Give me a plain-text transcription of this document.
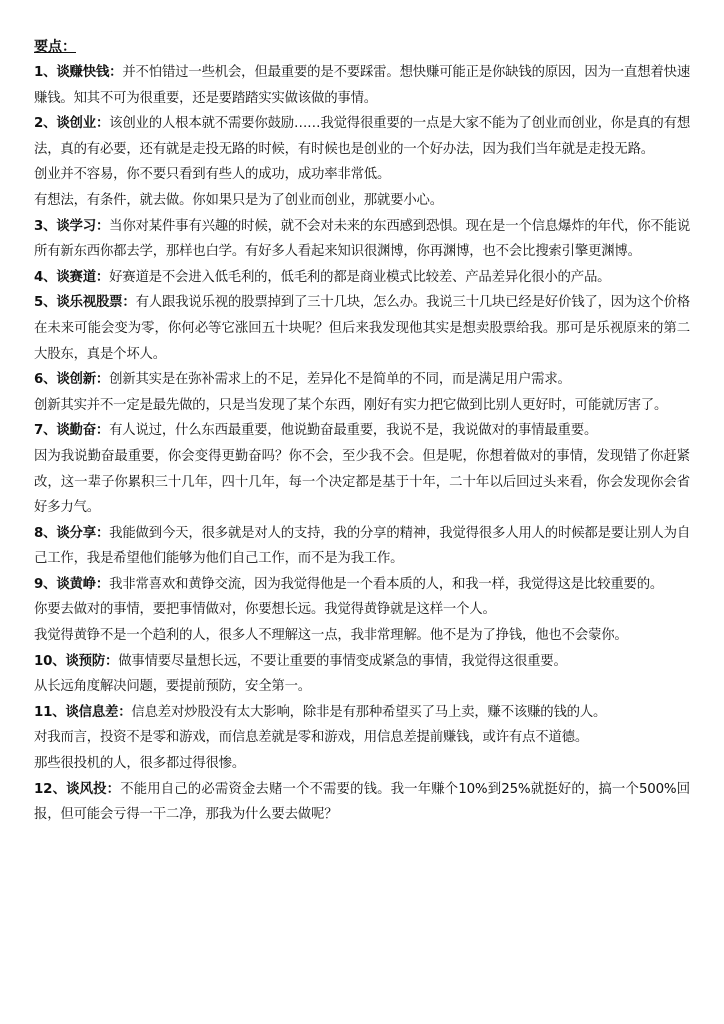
要点：

1、谈赚快钱：并不怕错过一些机会，但最重要的是不要踩雷。想快赚可能正是你缺钱的原因，因为一直想着快速赚钱。知其不可为很重要，还是要踏踏实实做该做的事情。

2、谈创业：该创业的人根本就不需要你鼓励……我觉得很重要的一点是大家不能为了创业而创业，你是真的有想法，真的有必要，还有就是走投无路的时候，有时候也是创业的一个好办法，因为我们当年就是走投无路。

创业并不容易，你不要只看到有些人的成功，成功率非常低。

有想法，有条件，就去做。你如果只是为了创业而创业，那就要小心。

3、谈学习：当你对某件事有兴趣的时候，就不会对未来的东西感到恐惧。现在是一个信息爆炸的年代，你不能说所有新东西你都去学，那样也白学。有好多人看起来知识很渊博，你再渊博，也不会比搜索引擎更渊博。

4、谈赛道：好赛道是不会进入低毛利的，低毛利的都是商业模式比较差、产品差异化很小的产品。

5、谈乐视股票：有人跟我说乐视的股票掉到了三十几块，怎么办。我说三十几块已经是好价钱了，因为这个价格在未来可能会变为零，你何必等它涨回五十块呢？但后来我发现他其实是想卖股票给我。那可是乐视原来的第二大股东，真是个坏人。

6、谈创新：创新其实是在弥补需求上的不足，差异化不是简单的不同，而是满足用户需求。

创新其实并不一定是最先做的，只是当发现了某个东西，刚好有实力把它做到比别人更好时，可能就厉害了。

7、谈勤奋：有人说过，什么东西最重要，他说勤奋最重要，我说不是，我说做对的事情最重要。

因为我说勤奋最重要，你会变得更勤奋吗？你不会，至少我不会。但是呢，你想着做对的事情，发现错了你赶紧改，这一辈子你累积三十几年，四十几年，每一个决定都是基于十年，二十年以后回过头来看，你会发现你会省好多力气。

8、谈分享：我能做到今天，很多就是对人的支持，我的分享的精神，我觉得很多人用人的时候都是要让别人为自己工作，我是希望他们能够为他们自己工作，而不是为我工作。

9、谈黄峥：我非常喜欢和黄铮交流，因为我觉得他是一个看本质的人，和我一样，我觉得这是比较重要的。

你要去做对的事情，要把事情做对，你要想长远。我觉得黄铮就是这样一个人。

我觉得黄铮不是一个趋利的人，很多人不理解这一点，我非常理解。他不是为了挣钱，他也不会蒙你。

10、谈预防：做事情要尽量想长远，不要让重要的事情变成紧急的事情，我觉得这很重要。

从长远角度解决问题，要提前预防，安全第一。

11、谈信息差：信息差对炒股没有太大影响，除非是有那种希望买了马上卖，赚不该赚的钱的人。

对我而言，投资不是零和游戏，而信息差就是零和游戏，用信息差提前赚钱，或许有点不道德。

那些很投机的人，很多都过得很惨。

12、谈风投：不能用自己的必需资金去赌一个不需要的钱。我一年赚个10%到25%就挺好的，搞一个500%回报，但可能会亏得一干二净，那我为什么要去做呢？
